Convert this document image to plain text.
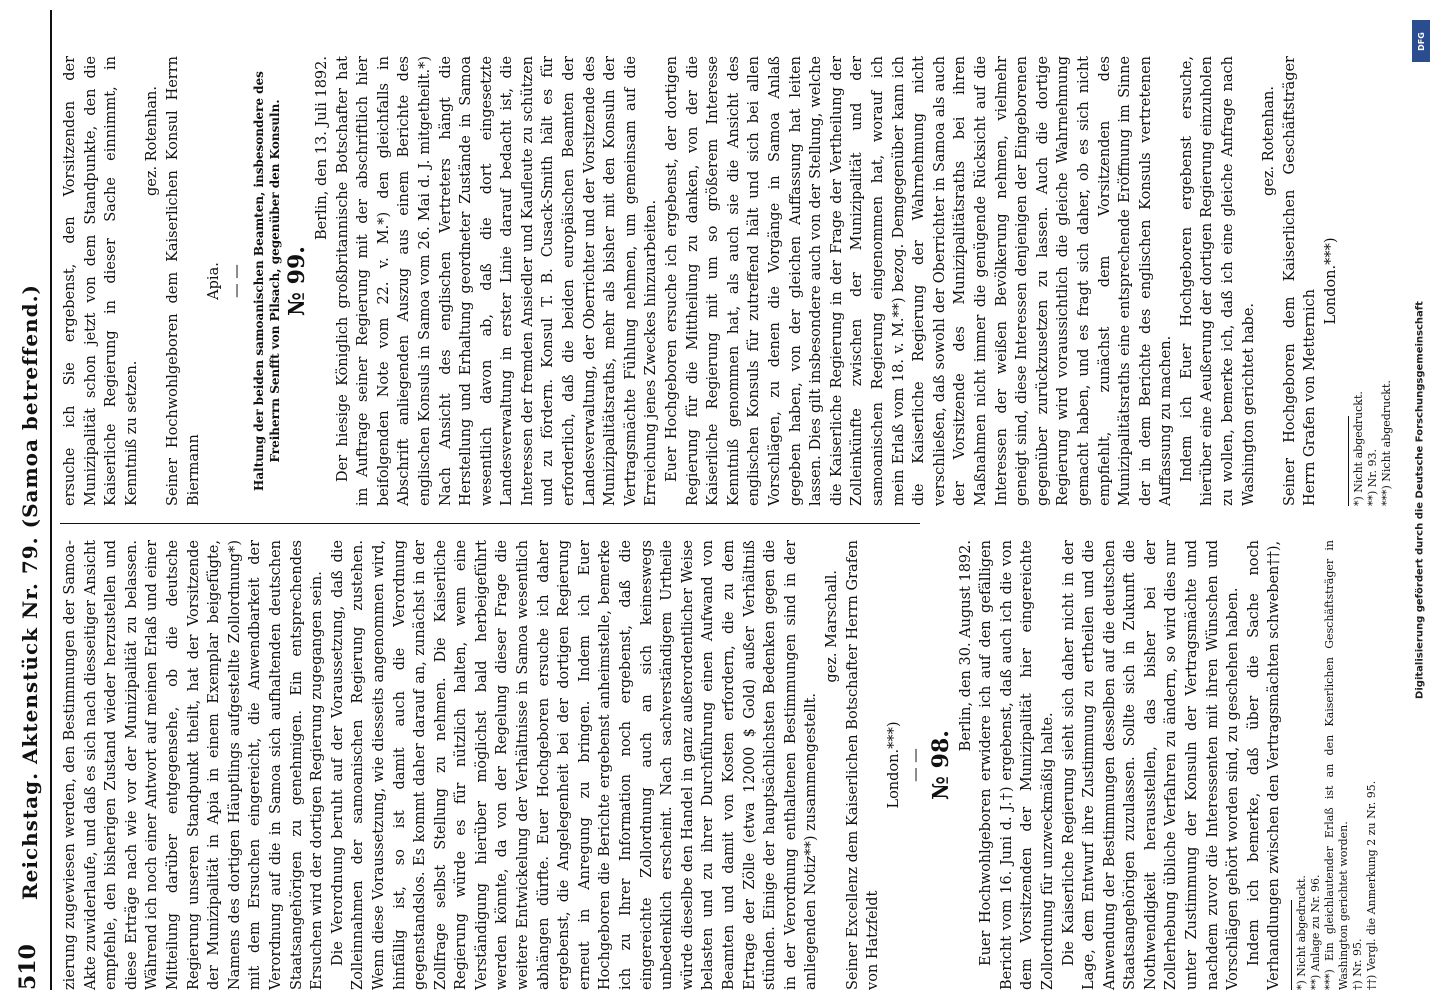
510
Reichstag. Aktenstück Nr. 79. (Samoa betreffend.) zierung zugewiesen werden, den Bestimmungen der Samoa-Akte zuwiderlaufe, und daß es sich nach diesseitiger Ansicht empfehle, den bisherigen Zustand wieder herzustellen und diese Erträge nach wie vor der Munizipalität zu belassen. Während ich noch einer Antwort auf meinen Erlaß und einer Mitteilung darüber entgegensehe, ob die deutsche Regierung unseren Standpunkt theilt, hat der Vorsitzende der Munizipalität in Apia in einem Exemplar beigefügte, Namens des dortigen Häuptlings aufgestellte Zollordnung*) mit dem Ersuchen eingereicht, die Anwendbarkeit der Verordnung auf die in Samoa sich aufhaltenden deutschen Staatsangehörigen zu genehmigen. Ein entsprechendes Ersuchen wird der dortigen Regierung zugegangen sein. Die Verordnung beruht auf der Voraussetzung, daß die Zolleinnahmen der samoanischen Regierung zustehen. Wenn diese Voraussetzung, wie diesseits angenommen wird, hinfällig ist, so ist damit auch die Verordnung gegenstandslos. Es kommt daher darauf an, zunächst in der Zollfrage selbst Stellung zu nehmen. Die Kaiserliche Regierung würde es für nützlich halten, wenn eine Verständigung hierüber möglichst bald herbeigeführt werden könnte, da von der Regelung dieser Frage die weitere Entwickelung der Verhältnisse in Samoa wesentlich abhängen dürfte. Euer Hochgeboren ersuche ich daher ergebenst, die Angelegenheit bei der dortigen Regierung erneut in Anregung zu bringen. Indem ich Euer Hochgeboren die Berichte ergebenst anheimstelle, bemerke ich zu Ihrer Information noch ergebenst, daß die eingereichte Zollordnung auch an sich keineswegs unbedenklich erscheint. Nach sachverständigem Urtheile würde dieselbe den Handel in ganz außerordentlicher Weise belasten und zu ihrer Durchführung einen Aufwand von Beamten und damit von Kosten erfordern, die zu dem Ertrage der Zölle (etwa 12000 $ Gold) außer Verhältniß stünden. Einige der hauptsächlichsten Bedenken gegen die in der Verordnung enthaltenen Bestimmungen sind in der anliegenden Notiz**) zusammengestellt.

gez. Marschall. Seiner Excellenz dem Kaiserlichen Botschafter Herrn Grafen von Hatzfeldt

London.***) — — № 98.

Berlin, den 30. August 1892. Euer Hochwohlgeboren erwidere ich auf den gefälligen Bericht vom 16. Juni d. J.†) ergebenst, daß auch ich die von dem Vorsitzenden der Munizipalität hier eingereichte Zollordnung für unzweckmäßig halte. Die Kaiserliche Regierung sieht sich daher nicht in der Lage, dem Entwurf ihre Zustimmung zu ertheilen und die Anwendung der Bestimmungen desselben auf die deutschen Staatsangehörigen zuzulassen. Sollte sich in Zukunft die Nothwendigkeit herausstellen, das bisher bei der Zollerhebung übliche Verfahren zu ändern, so wird dies nur unter Zustimmung der Konsuln der Vertragsmächte und nachdem zuvor die Interessenten mit ihren Wünschen und Vorschlägen gehört worden sind, zu geschehen haben. Indem ich bemerke, daß über die Sache noch Verhandlungen zwischen den Vertragsmächten schweben††), *) Nicht abgedruckt. **) Anlage zu Nr. 96. ***) Ein gleichlautender Erlaß ist an den Kaiserlichen Geschäftsträger in Washington gerichtet worden. †) Nr. 95. ††) Vergl. die Anmerkung 2 zu Nr. 95.

ersuche ich Sie ergebenst, den Vorsitzenden der Munizipalität schon jetzt von dem Standpunkte, den die Kaiserliche Regierung in dieser Sache einnimmt, in Kenntniß zu setzen.

gez. Rotenhan. Seiner Hochwohlgeboren dem Kaiserlichen Konsul Herrn Biermann

Apia. — — Haltung der beiden samoanischen Beamten, insbesondere des Freiherrn Senfft von Pilsach, gegenüber den Konsuln. № 99.

Berlin, den 13. Juli 1892. Der hiesige Königlich großbritannische Botschafter hat im Auftrage seiner Regierung mit der abschriftlich hier beifolgenden Note vom 22. v. M.*) den gleichfalls in Abschrift anliegenden Auszug aus einem Berichte des englischen Konsuls in Samoa vom 26. Mai d. J. mitgetheilt.*) Nach Ansicht des englischen Vertreters hängt die Herstellung und Erhaltung geordneter Zustände in Samoa wesentlich davon ab, daß die dort eingesetzte Landesverwaltung in erster Linie darauf bedacht ist, die Interessen der fremden Ansiedler und Kaufleute zu schützen und zu fördern. Konsul T. B. Cusack-Smith hält es für erforderlich, daß die beiden europäischen Beamten der Landesverwaltung, der Oberrichter und der Vorsitzende des Munizipalitätsraths, mehr als bisher mit den Konsuln der Vertragsmächte Fühlung nehmen, um gemeinsam auf die Erreichung jenes Zweckes hinzuarbeiten. Euer Hochgeboren ersuche ich ergebenst, der dortigen Regierung für die Mittheilung zu danken, von der die Kaiserliche Regierung mit um so größerem Interesse Kenntniß genommen hat, als auch sie die Ansicht des englischen Konsuls für zutreffend hält und sich bei allen Vorschlägen, zu denen die Vorgänge in Samoa Anlaß gegeben haben, von der gleichen Auffassung hat leiten lassen. Dies gilt insbesondere auch von der Stellung, welche die Kaiserliche Regierung in der Frage der Vertheilung der Zolleinkünfte zwischen der Munizipalität und der samoanischen Regierung eingenommen hat, worauf ich mein Erlaß vom 18. v. M.**) bezog. Demgegenüber kann ich die Kaiserliche Regierung der Wahrnehmung nicht verschließen, daß sowohl der Oberrichter in Samoa als auch der Vorsitzende des Munizipalitätsraths bei ihren Maßnahmen nicht immer die genügende Rücksicht auf die Interessen der weißen Bevölkerung nehmen, vielmehr geneigt sind, diese Interessen denjenigen der Eingeborenen gegenüber zurückzusetzen zu lassen. Auch die dortige Regierung wird voraussichtlich die gleiche Wahrnehmung gemacht haben, und es fragt sich daher, ob es sich nicht empfiehlt, zunächst dem Vorsitzenden des Munizipalitätsraths eine entsprechende Eröffnung im Sinne der in dem Berichte des englischen Konsuls vertretenen Auffassung zu machen. Indem ich Euer Hochgeboren ergebenst ersuche, hierüber eine Aeußerung der dortigen Regierung einzuholen zu wollen, bemerke ich, daß ich eine gleiche Anfrage nach Washington gerichtet habe.

gez. Rotenhan. Seiner Hochgeboren dem Kaiserlichen Geschäftsträger Herrn Grafen von Metternich

London.***)

*) Nicht abgedruckt. **) Nr. 93. ***) Nicht abgedruckt. Digitalisierung gefördert durch die Deutsche Forschungsgemeinschaft
DFG
